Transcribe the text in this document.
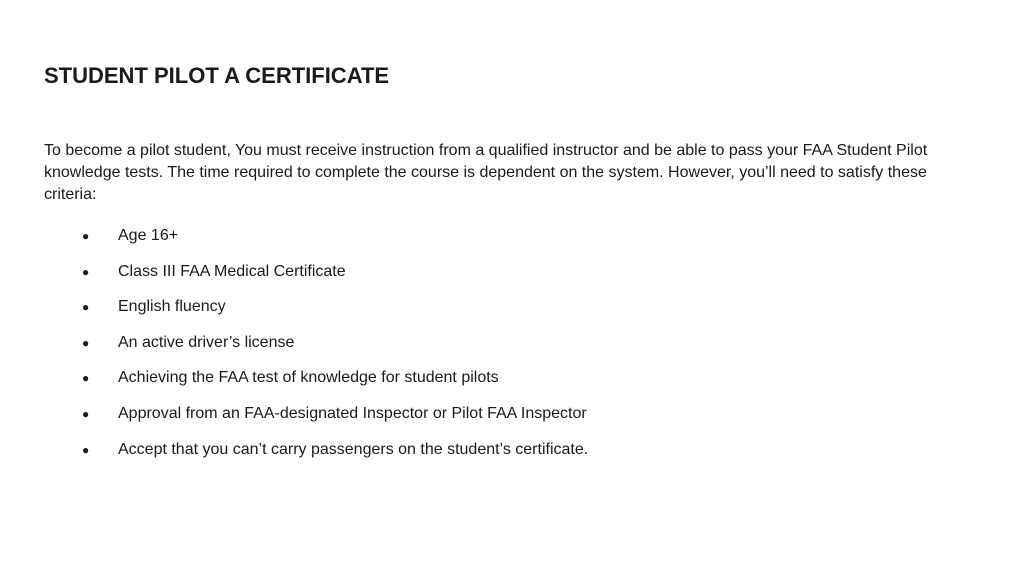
STUDENT PILOT A CERTIFICATE

To become a pilot student, You must receive instruction from a qualified instructor and be able to pass your FAA Student Pilot knowledge tests. The time required to complete the course is dependent on the system. However, you’ll need to satisfy these criteria:

● Age 16+
● Class III FAA Medical Certificate
● English fluency
● An active driver’s license
● Achieving the FAA test of knowledge for student pilots
● Approval from an FAA-designated Inspector or Pilot FAA Inspector
● Accept that you can’t carry passengers on the student’s certificate.
